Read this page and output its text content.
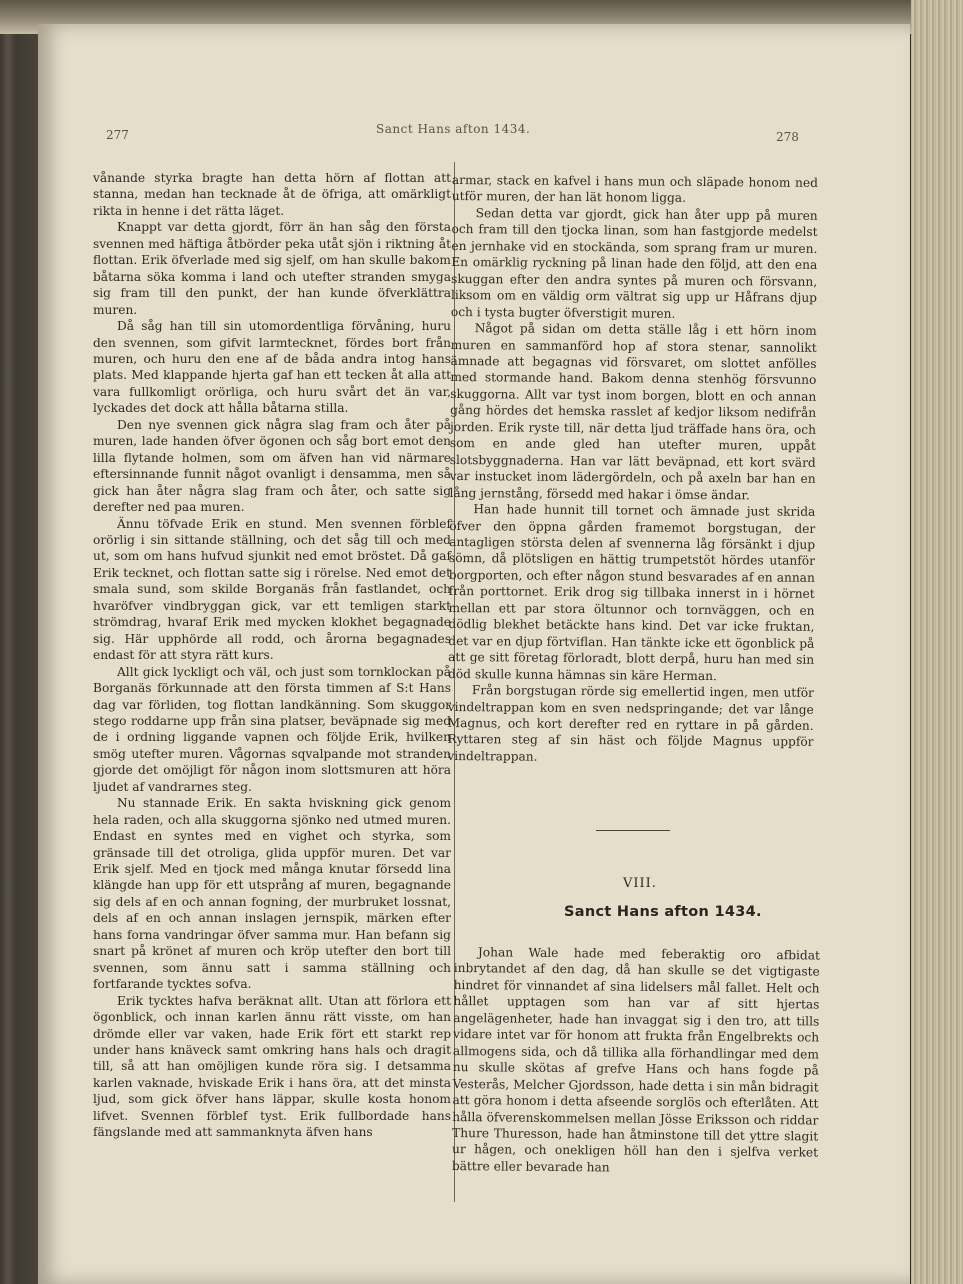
277	Sanct Hans afton 1434.
278

vånande styrka bragte han detta hörn af flottan att stanna, medan han tecknade åt de öfriga, att omärkligt rikta in henne i det rätta läget.

Knappt var detta gjordt, förr än han såg den första svennen med häftiga åtbörder peka utåt sjön i riktning åt flottan. Erik öfverlade med sig sjelf, om han skulle bakom båtarna söka komma i land och utefter stranden smyga sig fram till den punkt, der han kunde öfverklättra muren.

Då såg han till sin utomordentliga förvåning, huru den svennen, som gifvit larmtecknet, fördes bort från muren, och huru den ene af de båda andra intog hans plats. Med klappande hjerta gaf han ett tecken åt alla att vara fullkomligt orörliga, och huru svårt det än var, lyckades det dock att hålla båtarna stilla.

Den nye svennen gick några slag fram och åter på muren, lade handen öfver ögonen och såg bort emot den lilla flytande holmen, som om äfven han vid närmare eftersinnande funnit något ovanligt i densamma, men så gick han åter några slag fram och åter, och satte sig derefter ned paa muren.

Ännu töfvade Erik en stund. Men svennen förblef orörlig i sin sittande ställning, och det såg till och med ut, som om hans hufvud sjunkit ned emot bröstet. Då gaf Erik tecknet, och flottan satte sig i rörelse. Ned emot det smala sund, som skilde Borganäs från fastlandet, och hvaröfver vindbryggan gick, var ett temligen starkt strömdrag, hvaraf Erik med mycken klokhet begagnade sig. Här upphörde all rodd, och årorna begagnades endast för att styra rätt kurs.

Allt gick lyckligt och väl, och just som tornklockan på Borganäs förkunnade att den första timmen af S:t Hans dag var förliden, tog flottan landkänning. Som skuggor stego roddarne upp från sina platser, beväpnade sig med de i ordning liggande vapnen och följde Erik, hvilken smög utefter muren. Vågornas sqvalpande mot stranden gjorde det omöjligt för någon inom slottsmuren att höra ljudet af vandrarnes steg.

Nu stannade Erik. En sakta hviskning gick genom hela raden, och alla skuggorna sjönko ned utmed muren. Endast en syntes med en vighet och styrka, som gränsade till det otroliga, glida uppför muren. Det var Erik sjelf. Med en tjock med många knutar försedd lina klängde han upp för ett utsprång af muren, begagnande sig dels af en och annan fogning, der murbruket lossnat, dels af en och annan inslagen jernspik, märken efter hans forna vandringar öfver samma mur. Han befann sig snart på krönet af muren och kröp utefter den bort till svennen, som ännu satt i samma ställning och fortfarande tycktes sofva.

Erik tycktes hafva beräknat allt. Utan att förlora ett ögonblick, och innan karlen ännu rätt visste, om han drömde eller var vaken, hade Erik fört ett starkt rep under hans knäveck samt omkring hans hals och dragit till, så att han omöjligen kunde röra sig. I detsamma karlen vaknade, hviskade Erik i hans öra, att det minsta ljud, som gick öfver hans läppar, skulle kosta honom lifvet. Svennen förblef tyst. Erik fullbordade hans fängslande med att sammanknyta äfven hans

armar, stack en kafvel i hans mun och släpade honom ned utför muren, der han lät honom ligga.

Sedan detta var gjordt, gick han åter upp på muren och fram till den tjocka linan, som han fastgjorde medelst en jernhake vid en stockända, som sprang fram ur muren. En omärklig ryckning på linan hade den följd, att den ena skuggan efter den andra syntes på muren och försvann, liksom om en väldig orm vältrat sig upp ur Håfrans djup och i tysta bugter öfverstigit muren.

Något på sidan om detta ställe låg i ett hörn inom muren en sammanförd hop af stora stenar, sannolikt ämnade att begagnas vid försvaret, om slottet anfölles med stormande hand. Bakom denna stenhög försvunno skuggorna. Allt var tyst inom borgen, blott en och annan gång hördes det hemska rasslet af kedjor liksom nedifrån jorden. Erik ryste till, när detta ljud träffade hans öra, och som en ande gled han utefter muren, uppåt slotsbyggnaderna. Han var lätt beväpnad, ett kort svärd var instucket inom lädergördeln, och på axeln bar han en lång jernstång, försedd med hakar i ömse ändar.

Han hade hunnit till tornet och ämnade just skrida öfver den öppna gården framemot borgstugan, der antagligen största delen af svennerna låg försänkt i djup sömn, då plötsligen en hättig trumpetstöt hördes utanför borgporten, och efter någon stund besvarades af en annan från porttornet. Erik drog sig tillbaka innerst in i hörnet mellan ett par stora öltunnor och tornväggen, och en dödlig blekhet betäckte hans kind. Det var icke fruktan, det var en djup förtviflan. Han tänkte icke ett ögonblick på att ge sitt företag förloradt, blott derpå, huru han med sin död skulle kunna hämnas sin käre Herman.

Från borgstugan rörde sig emellertid ingen, men utför vindeltrappan kom en sven nedspringande; det var långe Magnus, och kort derefter red en ryttare in på gården. Ryttaren steg af sin häst och följde Magnus uppför vindeltrappan.

VIII.
Sanct Hans afton 1434.

Johan Wale hade med feberaktig oro afbidat inbrytandet af den dag, då han skulle se det vigtigaste hindret för vinnandet af sina lidelsers mål fallet. Helt och hållet upptagen som han var af sitt hjertas angelägenheter, hade han invaggat sig i den tro, att tills vidare intet var för honom att frukta från Engelbrekts och allmogens sida, och då tillika alla förhandlingar med dem nu skulle skötas af grefve Hans och hans fogde på Vesterås, Melcher Gjordsson, hade detta i sin mån bidragit att göra honom i detta afseende sorglös och efterlåten. Att hålla öfverenskommelsen mellan Jösse Eriksson och riddar Thure Thuresson, hade han åtminstone till det yttre slagit ur hågen, och onekligen höll han den i sjelfva verket bättre eller bevarade han
